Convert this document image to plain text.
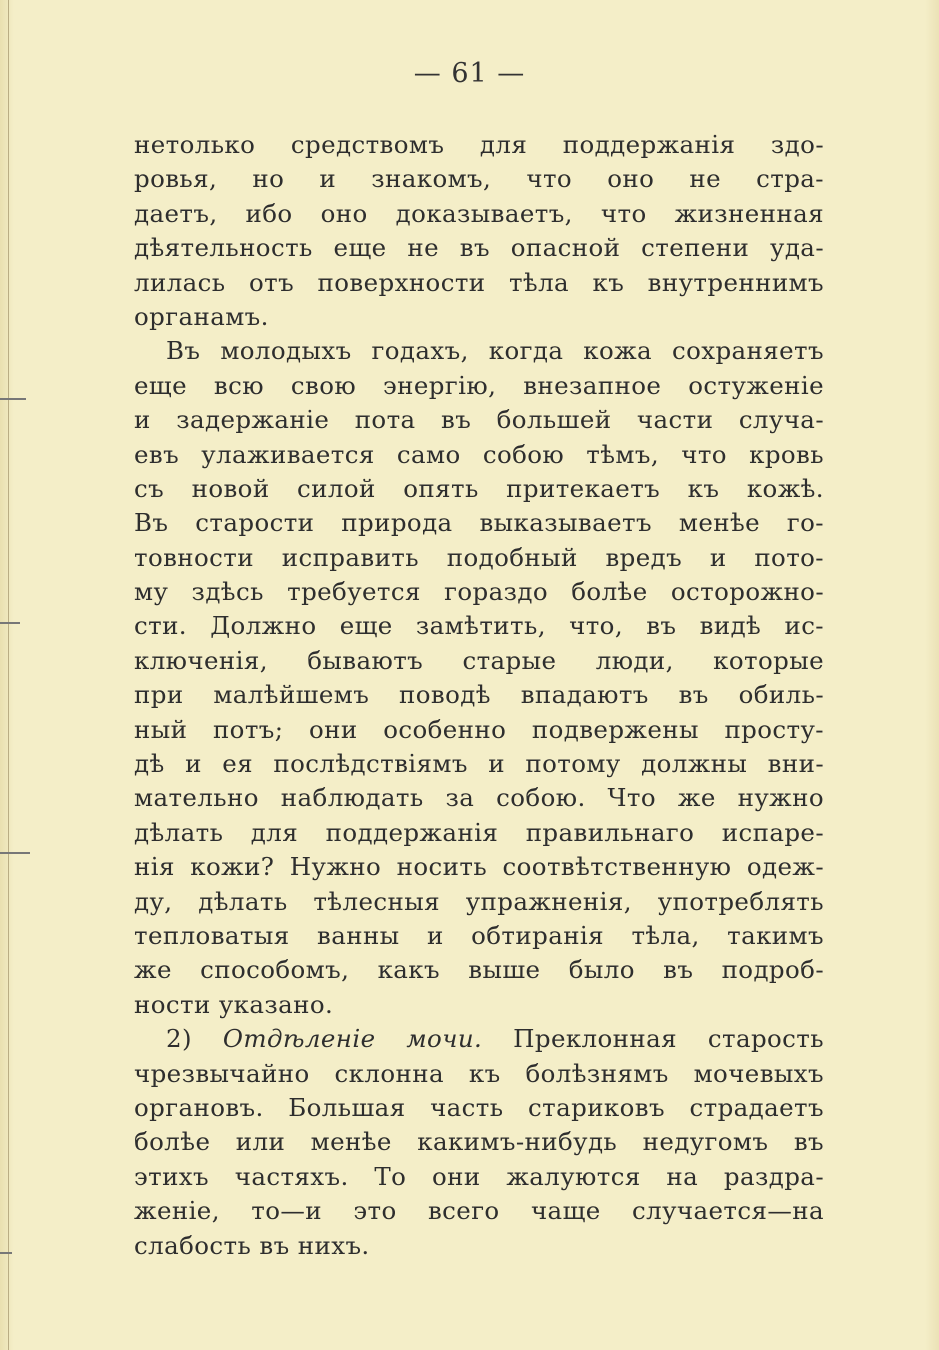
— 61 —
нетолько средствомъ для поддержанія здо-
ровья, но и знакомъ, что оно не стра-
даетъ, ибо оно доказываетъ, что жизненная
дѣятельность еще не въ опасной степени уда-
лилась отъ поверхности тѣла къ внутреннимъ
органамъ.
Въ молодыхъ годахъ, когда кожа сохраняетъ
еще всю свою энергію, внезапное остуженіе
и задержаніе пота въ большей части случа-
евъ улаживается само собою тѣмъ, что кровь
съ новой силой опять притекаетъ къ кожѣ.
Въ старости природа выказываетъ менѣе го-
товности исправить подобный вредъ и пото-
му здѣсь требуется гораздо болѣе осторожно-
сти. Должно еще замѣтить, что, въ видѣ ис-
ключенія, бываютъ старые люди, которые
при малѣйшемъ поводѣ впадаютъ въ обиль-
ный потъ; они особенно подвержены просту-
дѣ и ея послѣдствіямъ и потому должны вни-
мательно наблюдать за собою. Что же нужно
дѣлать для поддержанія правильнаго испаре-
нія кожи? Нужно носить соотвѣтственную одеж-
ду, дѣлать тѣлесныя упражненія, употреблять
тепловатыя ванны и обтиранія тѣла, такимъ
же способомъ, какъ выше было въ подроб-
ности указано.
2) Отдѣленіе мочи. Преклонная старость
чрезвычайно склонна къ болѣзнямъ мочевыхъ
органовъ. Большая часть стариковъ страдаетъ
болѣе или менѣе какимъ-нибудь недугомъ въ
этихъ частяхъ. То они жалуются на раздра-
женіе, то—и это всего чаще случается—на
слабость въ нихъ.
